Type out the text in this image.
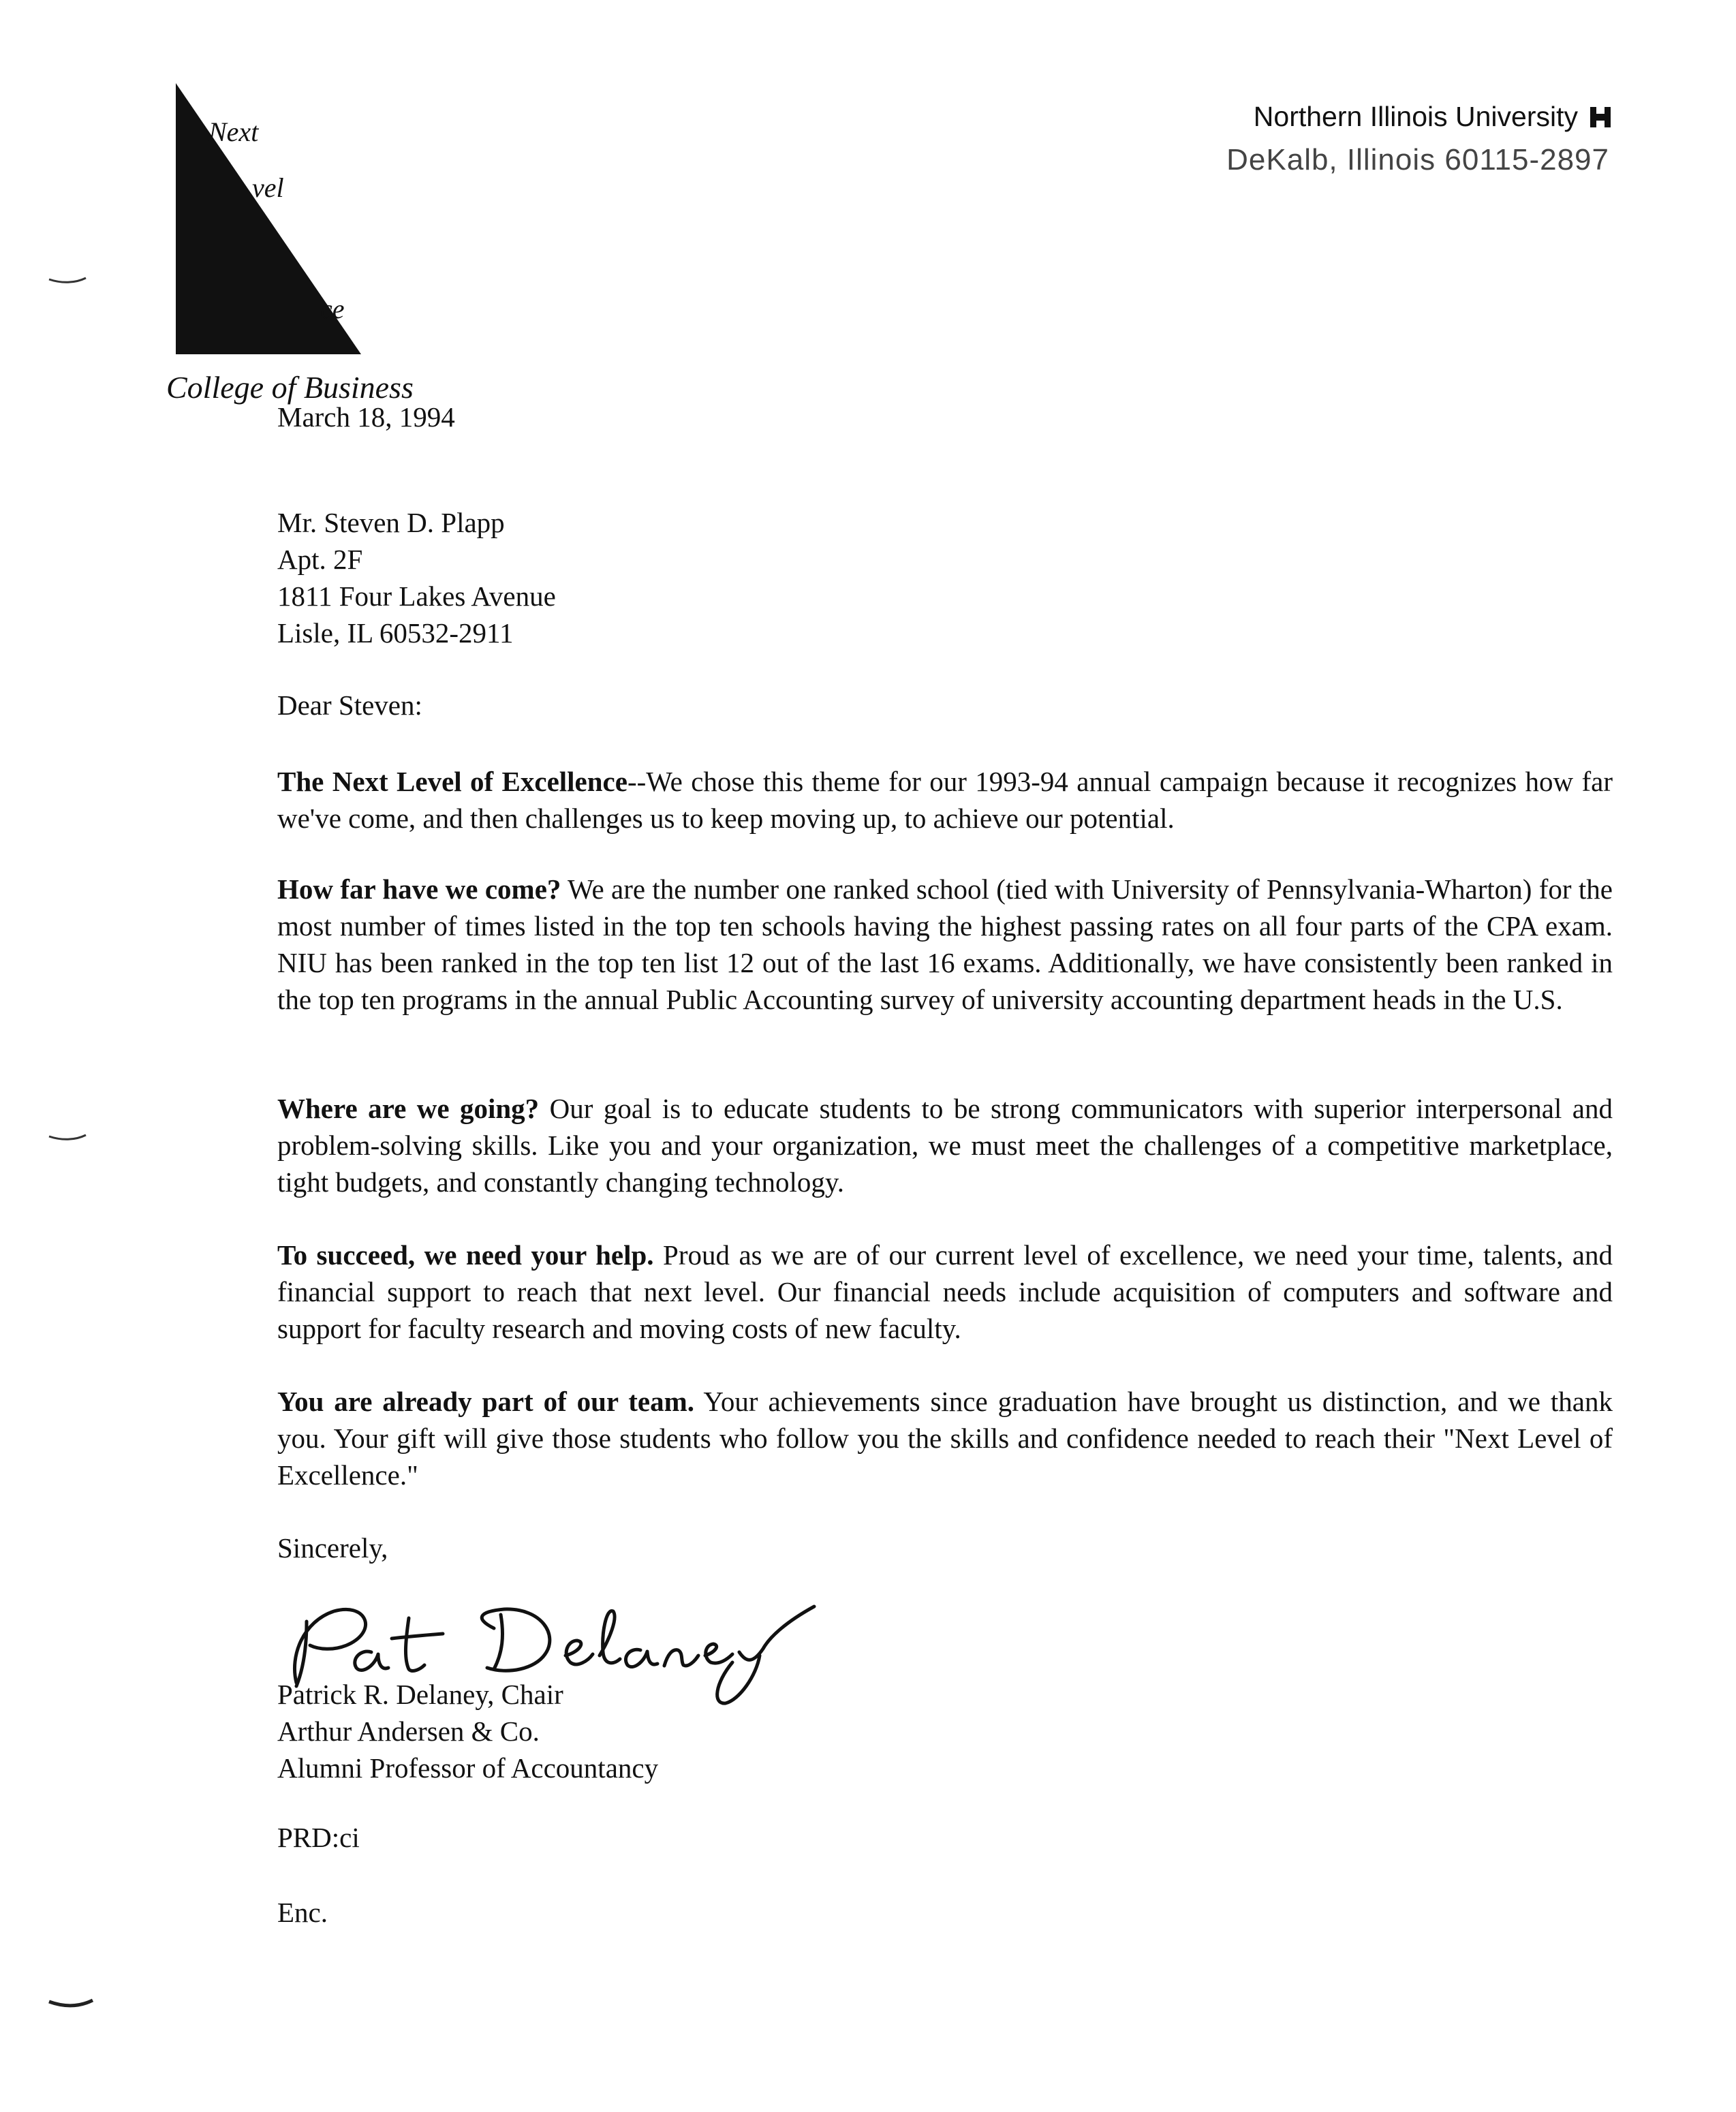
Next
vel
ce
College of Business
Northern Illinois University
DeKalb, Illinois 60115-2897
March 18, 1994
Mr. Steven D. Plapp
Apt. 2F
1811 Four Lakes Avenue
Lisle, IL 60532-2911
Dear Steven:
The Next Level of Excellence--We chose this theme for our 1993-94 annual campaign because it recognizes how far we've come, and then challenges us to keep moving up, to achieve our potential.
How far have we come? We are the number one ranked school (tied with University of Pennsylvania-Wharton) for the most number of times listed in the top ten schools having the highest passing rates on all four parts of the CPA exam. NIU has been ranked in the top ten list 12 out of the last 16 exams. Additionally, we have consistently been ranked in the top ten programs in the annual Public Accounting survey of university accounting department heads in the U.S.
Where are we going? Our goal is to educate students to be strong communicators with superior interpersonal and problem-solving skills. Like you and your organization, we must meet the challenges of a competitive marketplace, tight budgets, and constantly changing technology.
To succeed, we need your help. Proud as we are of our current level of excellence, we need your time, talents, and financial support to reach that next level. Our financial needs include acquisition of computers and software and support for faculty research and moving costs of new faculty.
You are already part of our team. Your achievements since graduation have brought us distinction, and we thank you. Your gift will give those students who follow you the skills and confidence needed to reach their "Next Level of Excellence."
Sincerely,
Patrick R. Delaney, Chair
Arthur Andersen & Co.
Alumni Professor of Accountancy
PRD:ci
Enc.
